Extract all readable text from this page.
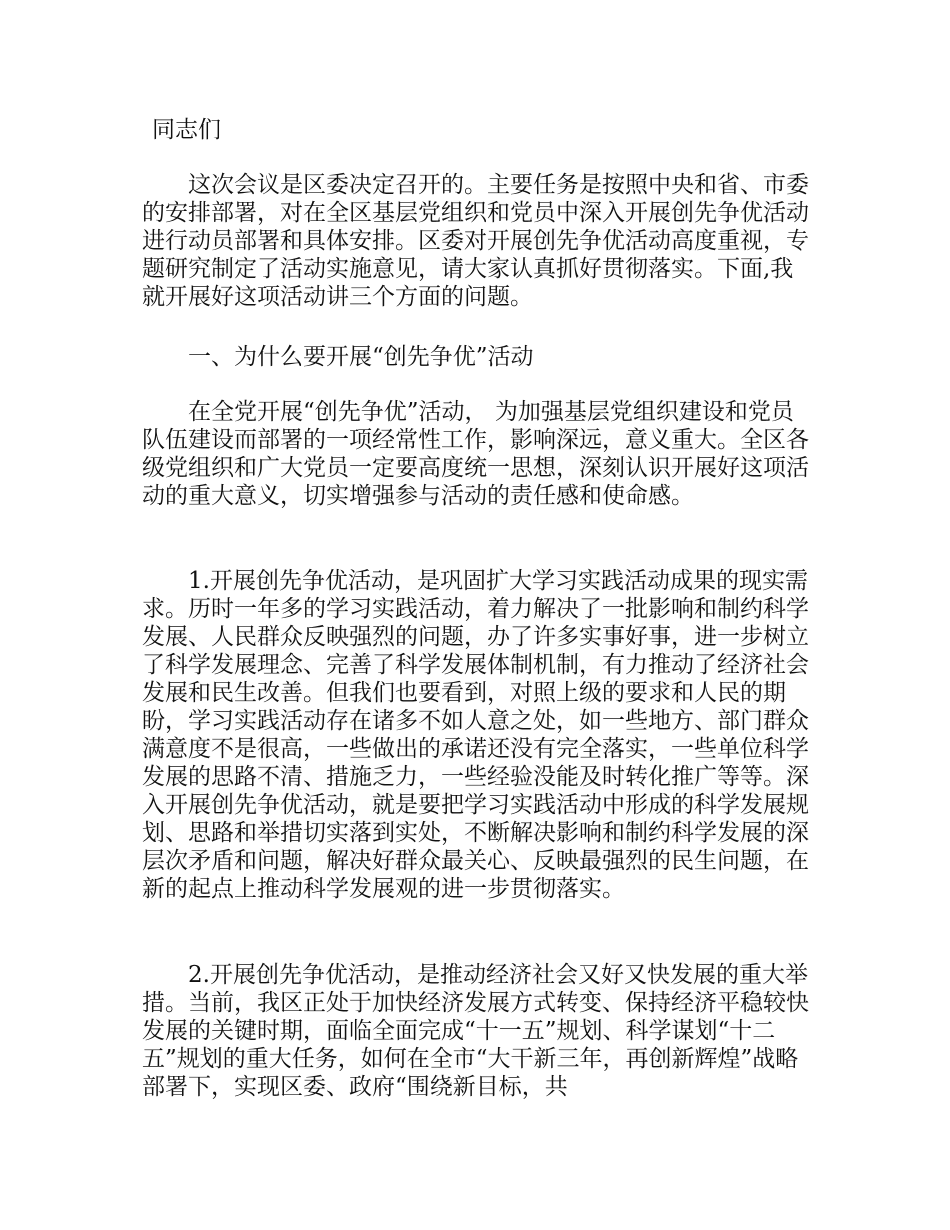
同志们

这次会议是区委决定召开的。主要任务是按照中央和省、市委的安排部署，对在全区基层党组织和党员中深入开展创先争优活动进行动员部署和具体安排。区委对开展创先争优活动高度重视，专题研究制定了活动实施意见，请大家认真抓好贯彻落实。下面,我就开展好这项活动讲三个方面的问题。

一、为什么要开展“创先争优”活动

在全党开展“创先争优”活动， 为加强基层党组织建设和党员队伍建设而部署的一项经常性工作，影响深远，意义重大。全区各级党组织和广大党员一定要高度统一思想，深刻认识开展好这项活动的重大意义，切实增强参与活动的责任感和使命感。

1.开展创先争优活动，是巩固扩大学习实践活动成果的现实需求。历时一年多的学习实践活动，着力解决了一批影响和制约科学发展、人民群众反映强烈的问题，办了许多实事好事，进一步树立了科学发展理念、完善了科学发展体制机制，有力推动了经济社会发展和民生改善。但我们也要看到，对照上级的要求和人民的期盼，学习实践活动存在诸多不如人意之处，如一些地方、部门群众满意度不是很高，一些做出的承诺还没有完全落实，一些单位科学发展的思路不清、措施乏力，一些经验没能及时转化推广等等。深入开展创先争优活动，就是要把学习实践活动中形成的科学发展规划、思路和举措切实落到实处，不断解决影响和制约科学发展的深层次矛盾和问题，解决好群众最关心、反映最强烈的民生问题，在新的起点上推动科学发展观的进一步贯彻落实。

2.开展创先争优活动，是推动经济社会又好又快发展的重大举措。当前，我区正处于加快经济发展方式转变、保持经济平稳较快发展的关键时期，面临全面完成“十一五”规划、科学谋划“十二五”规划的重大任务，如何在全市“大干新三年，再创新辉煌”战略部署下，实现区委、政府“围绕新目标，共
